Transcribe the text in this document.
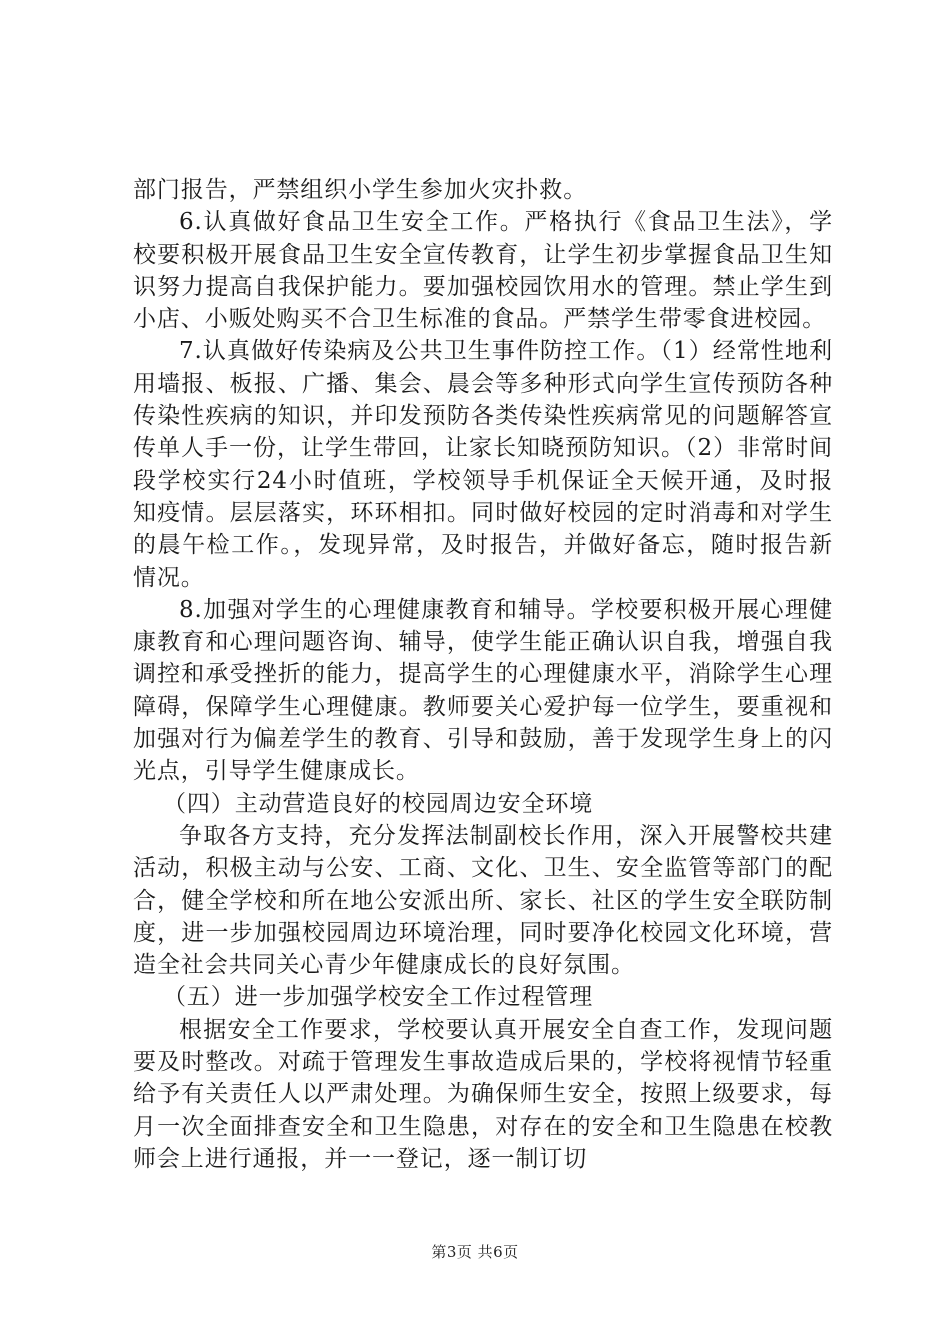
部门报告，严禁组织小学生参加火灾扑救。

6.认真做好食品卫生安全工作。严格执行《食品卫生法》，学校要积极开展食品卫生安全宣传教育，让学生初步掌握食品卫生知识努力提高自我保护能力。要加强校园饮用水的管理。禁止学生到小店、小贩处购买不合卫生标准的食品。严禁学生带零食进校园。

7.认真做好传染病及公共卫生事件防控工作。（1）经常性地利用墙报、板报、广播、集会、晨会等多种形式向学生宣传预防各种传染性疾病的知识，并印发预防各类传染性疾病常见的问题解答宣传单人手一份，让学生带回，让家长知晓预防知识。（2）非常时间段学校实行24小时值班，学校领导手机保证全天候开通，及时报知疫情。层层落实，环环相扣。同时做好校园的定时消毒和对学生的晨午检工作。，发现异常，及时报告，并做好备忘，随时报告新情况。

8.加强对学生的心理健康教育和辅导。学校要积极开展心理健康教育和心理问题咨询、辅导，使学生能正确认识自我，增强自我调控和承受挫折的能力，提高学生的心理健康水平，消除学生心理障碍，保障学生心理健康。教师要关心爱护每一位学生，要重视和加强对行为偏差学生的教育、引导和鼓励，善于发现学生身上的闪光点，引导学生健康成长。

（四）主动营造良好的校园周边安全环境

争取各方支持，充分发挥法制副校长作用，深入开展警校共建活动，积极主动与公安、工商、文化、卫生、安全监管等部门的配合，健全学校和所在地公安派出所、家长、社区的学生安全联防制度，进一步加强校园周边环境治理，同时要净化校园文化环境，营造全社会共同关心青少年健康成长的良好氛围。

（五）进一步加强学校安全工作过程管理

根据安全工作要求，学校要认真开展安全自查工作，发现问题要及时整改。对疏于管理发生事故造成后果的，学校将视情节轻重给予有关责任人以严肃处理。为确保师生安全，按照上级要求，每月一次全面排查安全和卫生隐患，对存在的安全和卫生隐患在校教师会上进行通报，并一一登记，逐一制订切

第3页 共6页
